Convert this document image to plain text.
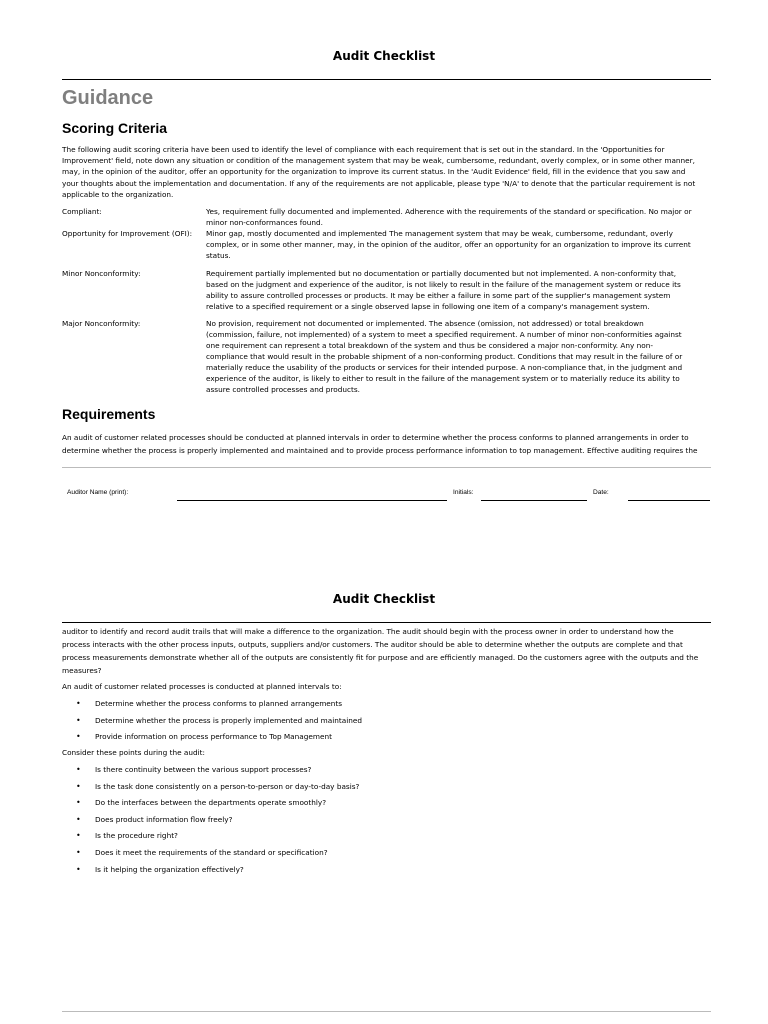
Audit Checklist
Guidance
Scoring Criteria
The following audit scoring criteria have been used to identify the level of compliance with each requirement that is set out in the standard. In the 'Opportunities for
Improvement' field, note down any situation or condition of the management system that may be weak, cumbersome, redundant, overly complex, or in some other manner,
may, in the opinion of the auditor, offer an opportunity for the organization to improve its current status. In the 'Audit Evidence' field, fill in the evidence that you saw and
your thoughts about the implementation and documentation. If any of the requirements are not applicable, please type 'N/A' to denote that the particular requirement is not
applicable to the organization.
Compliant:	Yes, requirement fully documented and implemented. Adherence with the requirements of the standard or specification. No major or
minor non-conformances found.
Opportunity for Improvement (OFI): Minor gap, mostly documented and implemented The management system that may be weak, cumbersome, redundant, overly
complex, or in some other manner, may, in the opinion of the auditor, offer an opportunity for an organization to improve its current
status.
Minor Nonconformity:	Requirement partially implemented but no documentation or partially documented but not implemented. A non-conformity that,
based on the judgment and experience of the auditor, is not likely to result in the failure of the management system or reduce its
ability to assure controlled processes or products. It may be either a failure in some part of the supplier's management system
relative to a specified requirement or a single observed lapse in following one item of a company's management system.
Major Nonconformity:	No provision, requirement not documented or implemented. The absence (omission, not addressed) or total breakdown
(commission, failure, not implemented) of a system to meet a specified requirement. A number of minor non-conformities against
one requirement can represent a total breakdown of the system and thus be considered a major non-conformity. Any non-
compliance that would result in the probable shipment of a non-conforming product. Conditions that may result in the failure of or
materially reduce the usability of the products or services for their intended purpose. A non-compliance that, in the judgment and
experience of the auditor, is likely to either to result in the failure of the management system or to materially reduce its ability to
assure controlled processes and products.
Requirements
An audit of customer related processes should be conducted at planned intervals in order to determine whether the process conforms to planned arrangements in order to
determine whether the process is properly implemented and maintained and to provide process performance information to top management. Effective auditing requires the
Auditor Name (print):	Initials:	Date:
Audit Checklist
auditor to identify and record audit trails that will make a difference to the organization. The audit should begin with the process owner in order to understand how the
process interacts with the other process inputs, outputs, suppliers and/or customers. The auditor should be able to determine whether the outputs are complete and that
process measurements demonstrate whether all of the outputs are consistently fit for purpose and are efficiently managed. Do the customers agree with the outputs and the
measures?
An audit of customer related processes is conducted at planned intervals to:
• Determine whether the process conforms to planned arrangements
• Determine whether the process is properly implemented and maintained
• Provide information on process performance to Top Management
Consider these points during the audit:
• Is there continuity between the various support processes?
• Is the task done consistently on a person-to-person or day-to-day basis?
• Do the interfaces between the departments operate smoothly?
• Does product information flow freely?
• Is the procedure right?
• Does it meet the requirements of the standard or specification?
• Is it helping the organization effectively?
